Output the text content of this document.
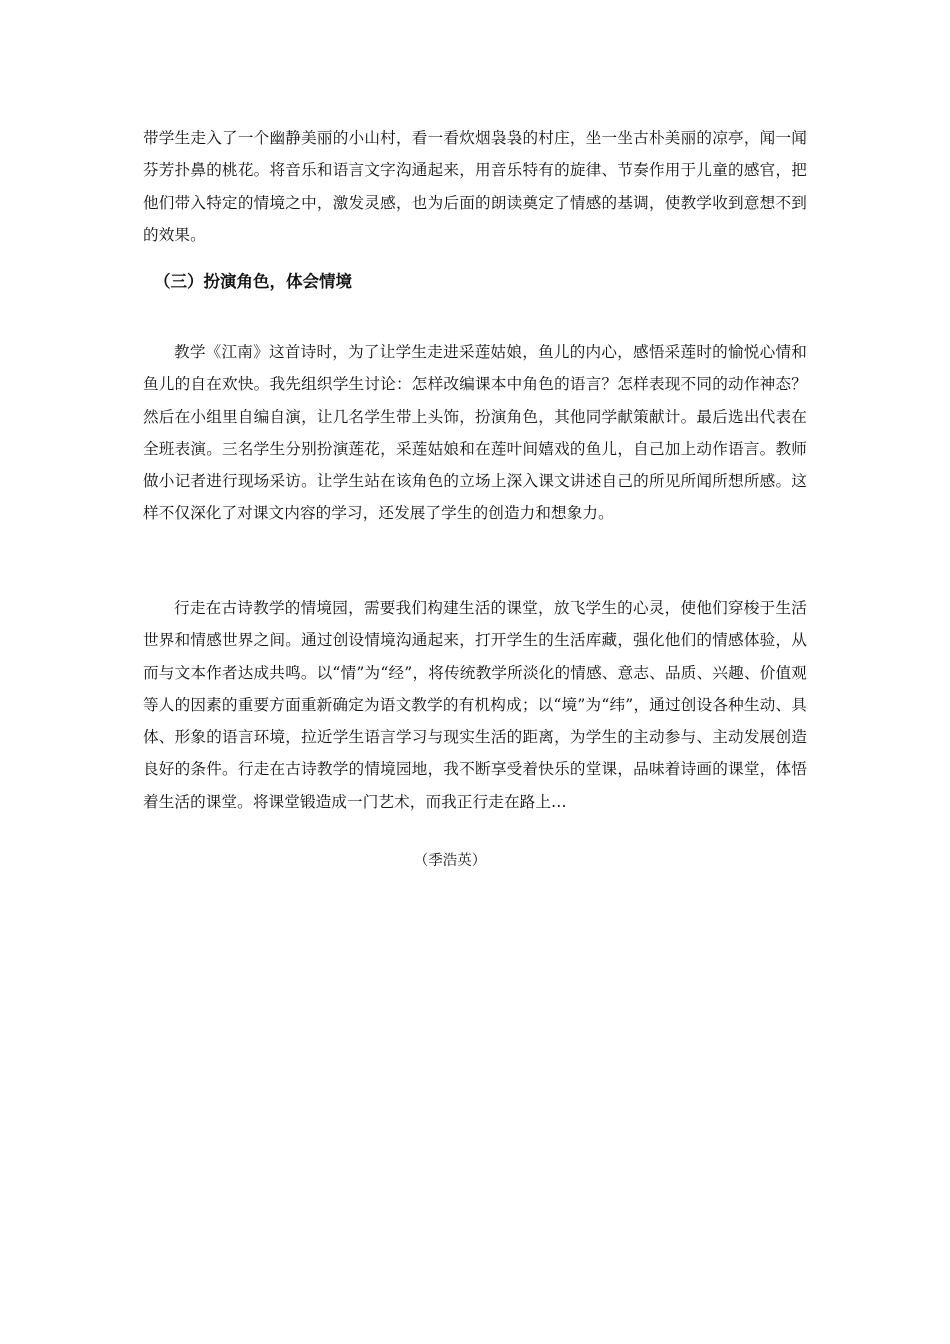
带学生走入了一个幽静美丽的小山村，看一看炊烟袅袅的村庄，坐一坐古朴美丽的凉亭，闻一闻芬芳扑鼻的桃花。将音乐和语言文字沟通起来，用音乐特有的旋律、节奏作用于儿童的感官，把他们带入特定的情境之中，激发灵感，也为后面的朗读奠定了情感的基调，使教学收到意想不到的效果。

（三）扮演角色，体会情境

教学《江南》这首诗时，为了让学生走进采莲姑娘，鱼儿的内心，感悟采莲时的愉悦心情和鱼儿的自在欢快。我先组织学生讨论：怎样改编课本中角色的语言？怎样表现不同的动作神态？然后在小组里自编自演，让几名学生带上头饰，扮演角色，其他同学献策献计。最后选出代表在全班表演。三名学生分别扮演莲花，采莲姑娘和在莲叶间嬉戏的鱼儿，自己加上动作语言。教师做小记者进行现场采访。让学生站在该角色的立场上深入课文讲述自己的所见所闻所想所感。这样不仅深化了对课文内容的学习，还发展了学生的创造力和想象力。

行走在古诗教学的情境园，需要我们构建生活的课堂，放飞学生的心灵，使他们穿梭于生活世界和情感世界之间。通过创设情境沟通起来，打开学生的生活库藏，强化他们的情感体验，从而与文本作者达成共鸣。以“情”为“经”，将传统教学所淡化的情感、意志、品质、兴趣、价值观等人的因素的重要方面重新确定为语文教学的有机构成；以“境”为“纬”，通过创设各种生动、具体、形象的语言环境，拉近学生语言学习与现实生活的距离，为学生的主动参与、主动发展创造良好的条件。行走在古诗教学的情境园地，我不断享受着快乐的堂课，品味着诗画的课堂，体悟着生活的课堂。将课堂锻造成一门艺术，而我正行走在路上…

（季浩英）
